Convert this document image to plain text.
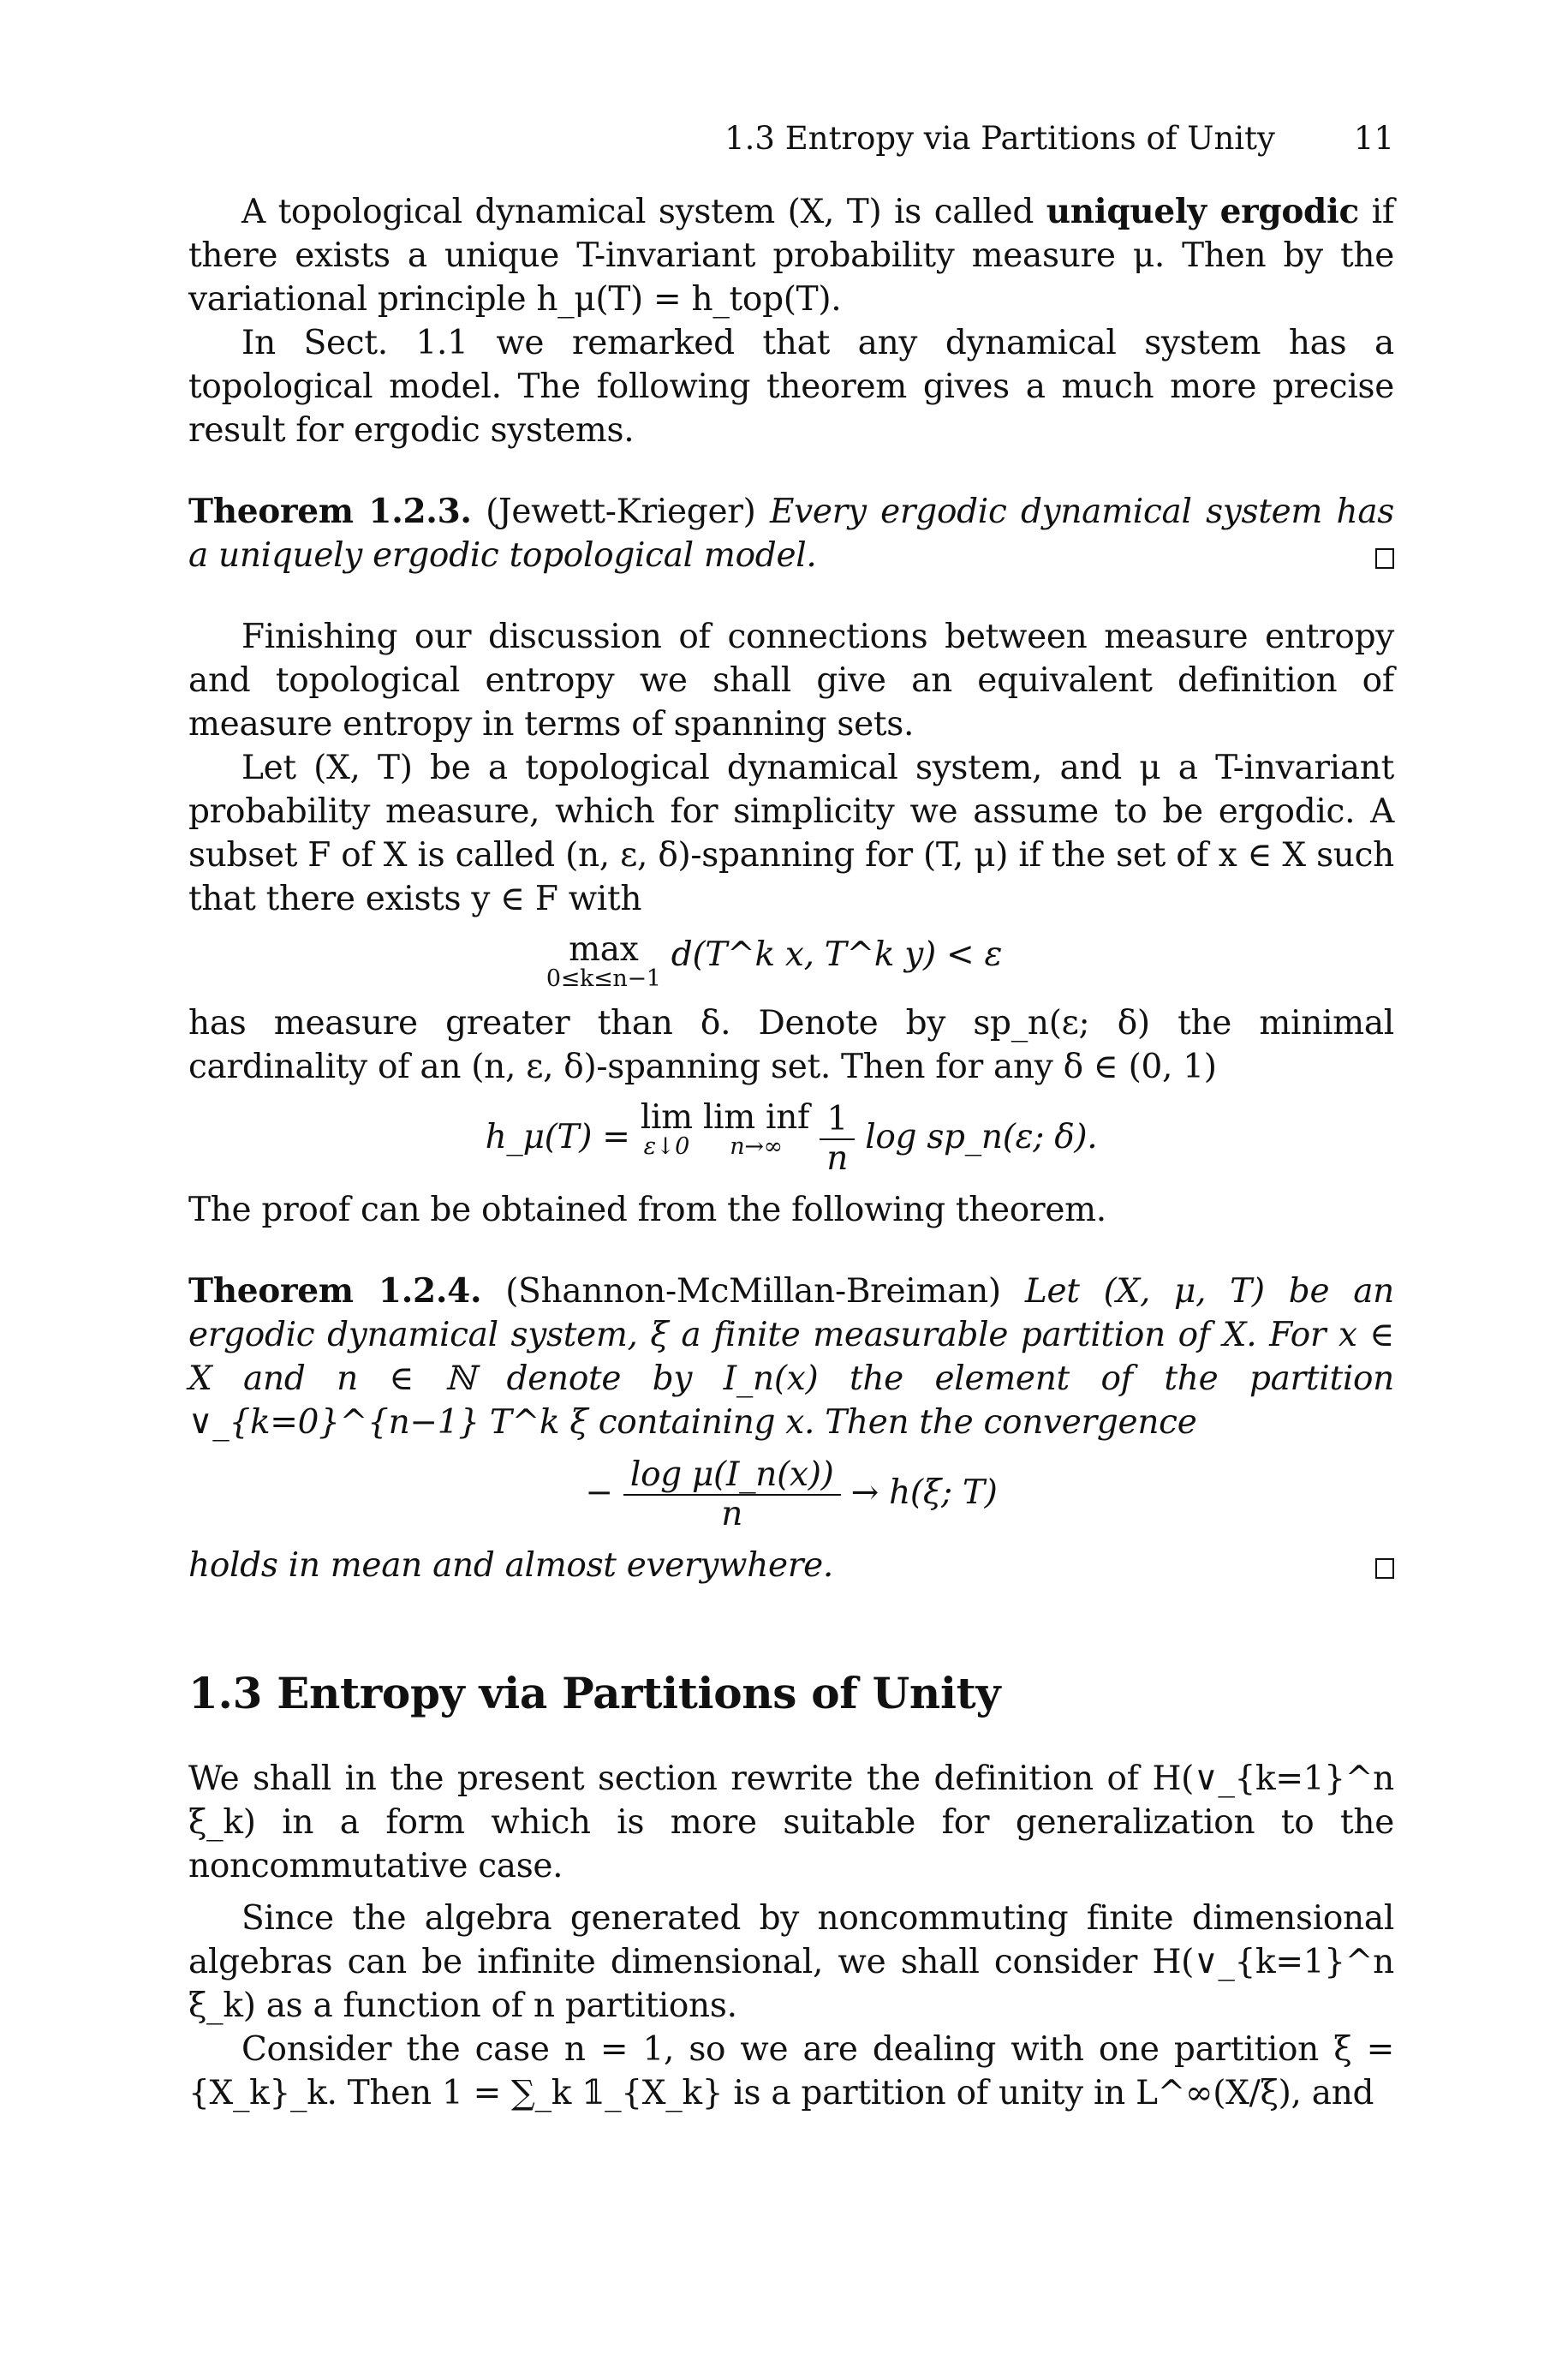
1.3 Entropy via Partitions of Unity 11

A topological dynamical system (X, T) is called uniquely ergodic if there exists a unique T-invariant probability measure μ. Then by the variational principle h_μ(T) = h_top(T).

In Sect. 1.1 we remarked that any dynamical system has a topological model. The following theorem gives a much more precise result for ergodic systems.

Theorem 1.2.3. (Jewett-Krieger) Every ergodic dynamical system has a uniquely ergodic topological model.

Finishing our discussion of connections between measure entropy and topological entropy we shall give an equivalent definition of measure entropy in terms of spanning sets.

Let (X, T) be a topological dynamical system, and μ a T-invariant probability measure, which for simplicity we assume to be ergodic. A subset F of X is called (n, ε, δ)-spanning for (T, μ) if the set of x ∈ X such that there exists y ∈ F with

max
0≤k≤n−1
d(T^k x, T^k y) < ε

has measure greater than δ. Denote by sp_n(ε; δ) the minimal cardinality of an (n, ε, δ)-spanning set. Then for any δ ∈ (0, 1)

h_μ(T) = lim
ε↓0
lim inf
n→∞
	$\frac{1}{n}$ log sp_n(ε; δ).

The proof can be obtained from the following theorem.

Theorem 1.2.4. (Shannon-McMillan-Breiman) Let (X, μ, T) be an ergodic dynamical system, ξ a finite measurable partition of X. For x ∈ X and n ∈ ℕ denote by I_n(x) the element of the partition ∨_{k=0}^{n−1} T^k ξ containing x. Then the convergence

− $\frac{\text{log μ(I\_n(x))}}{n} \to h(\xi$; T)

holds in mean and almost everywhere.

1.3 Entropy via Partitions of Unity

We shall in the present section rewrite the definition of H(∨_{k=1}^n ξ_k) in a form which is more suitable for generalization to the noncommutative case.

Since the algebra generated by noncommuting finite dimensional algebras can be infinite dimensional, we shall consider H(∨_{k=1}^n ξ_k) as a function of n partitions.

Consider the case n = 1, so we are dealing with one partition ξ = {X_k}_k. Then 1 = ∑_k 𝟙_{X_k} is a partition of unity in L^∞(X/ξ), and
